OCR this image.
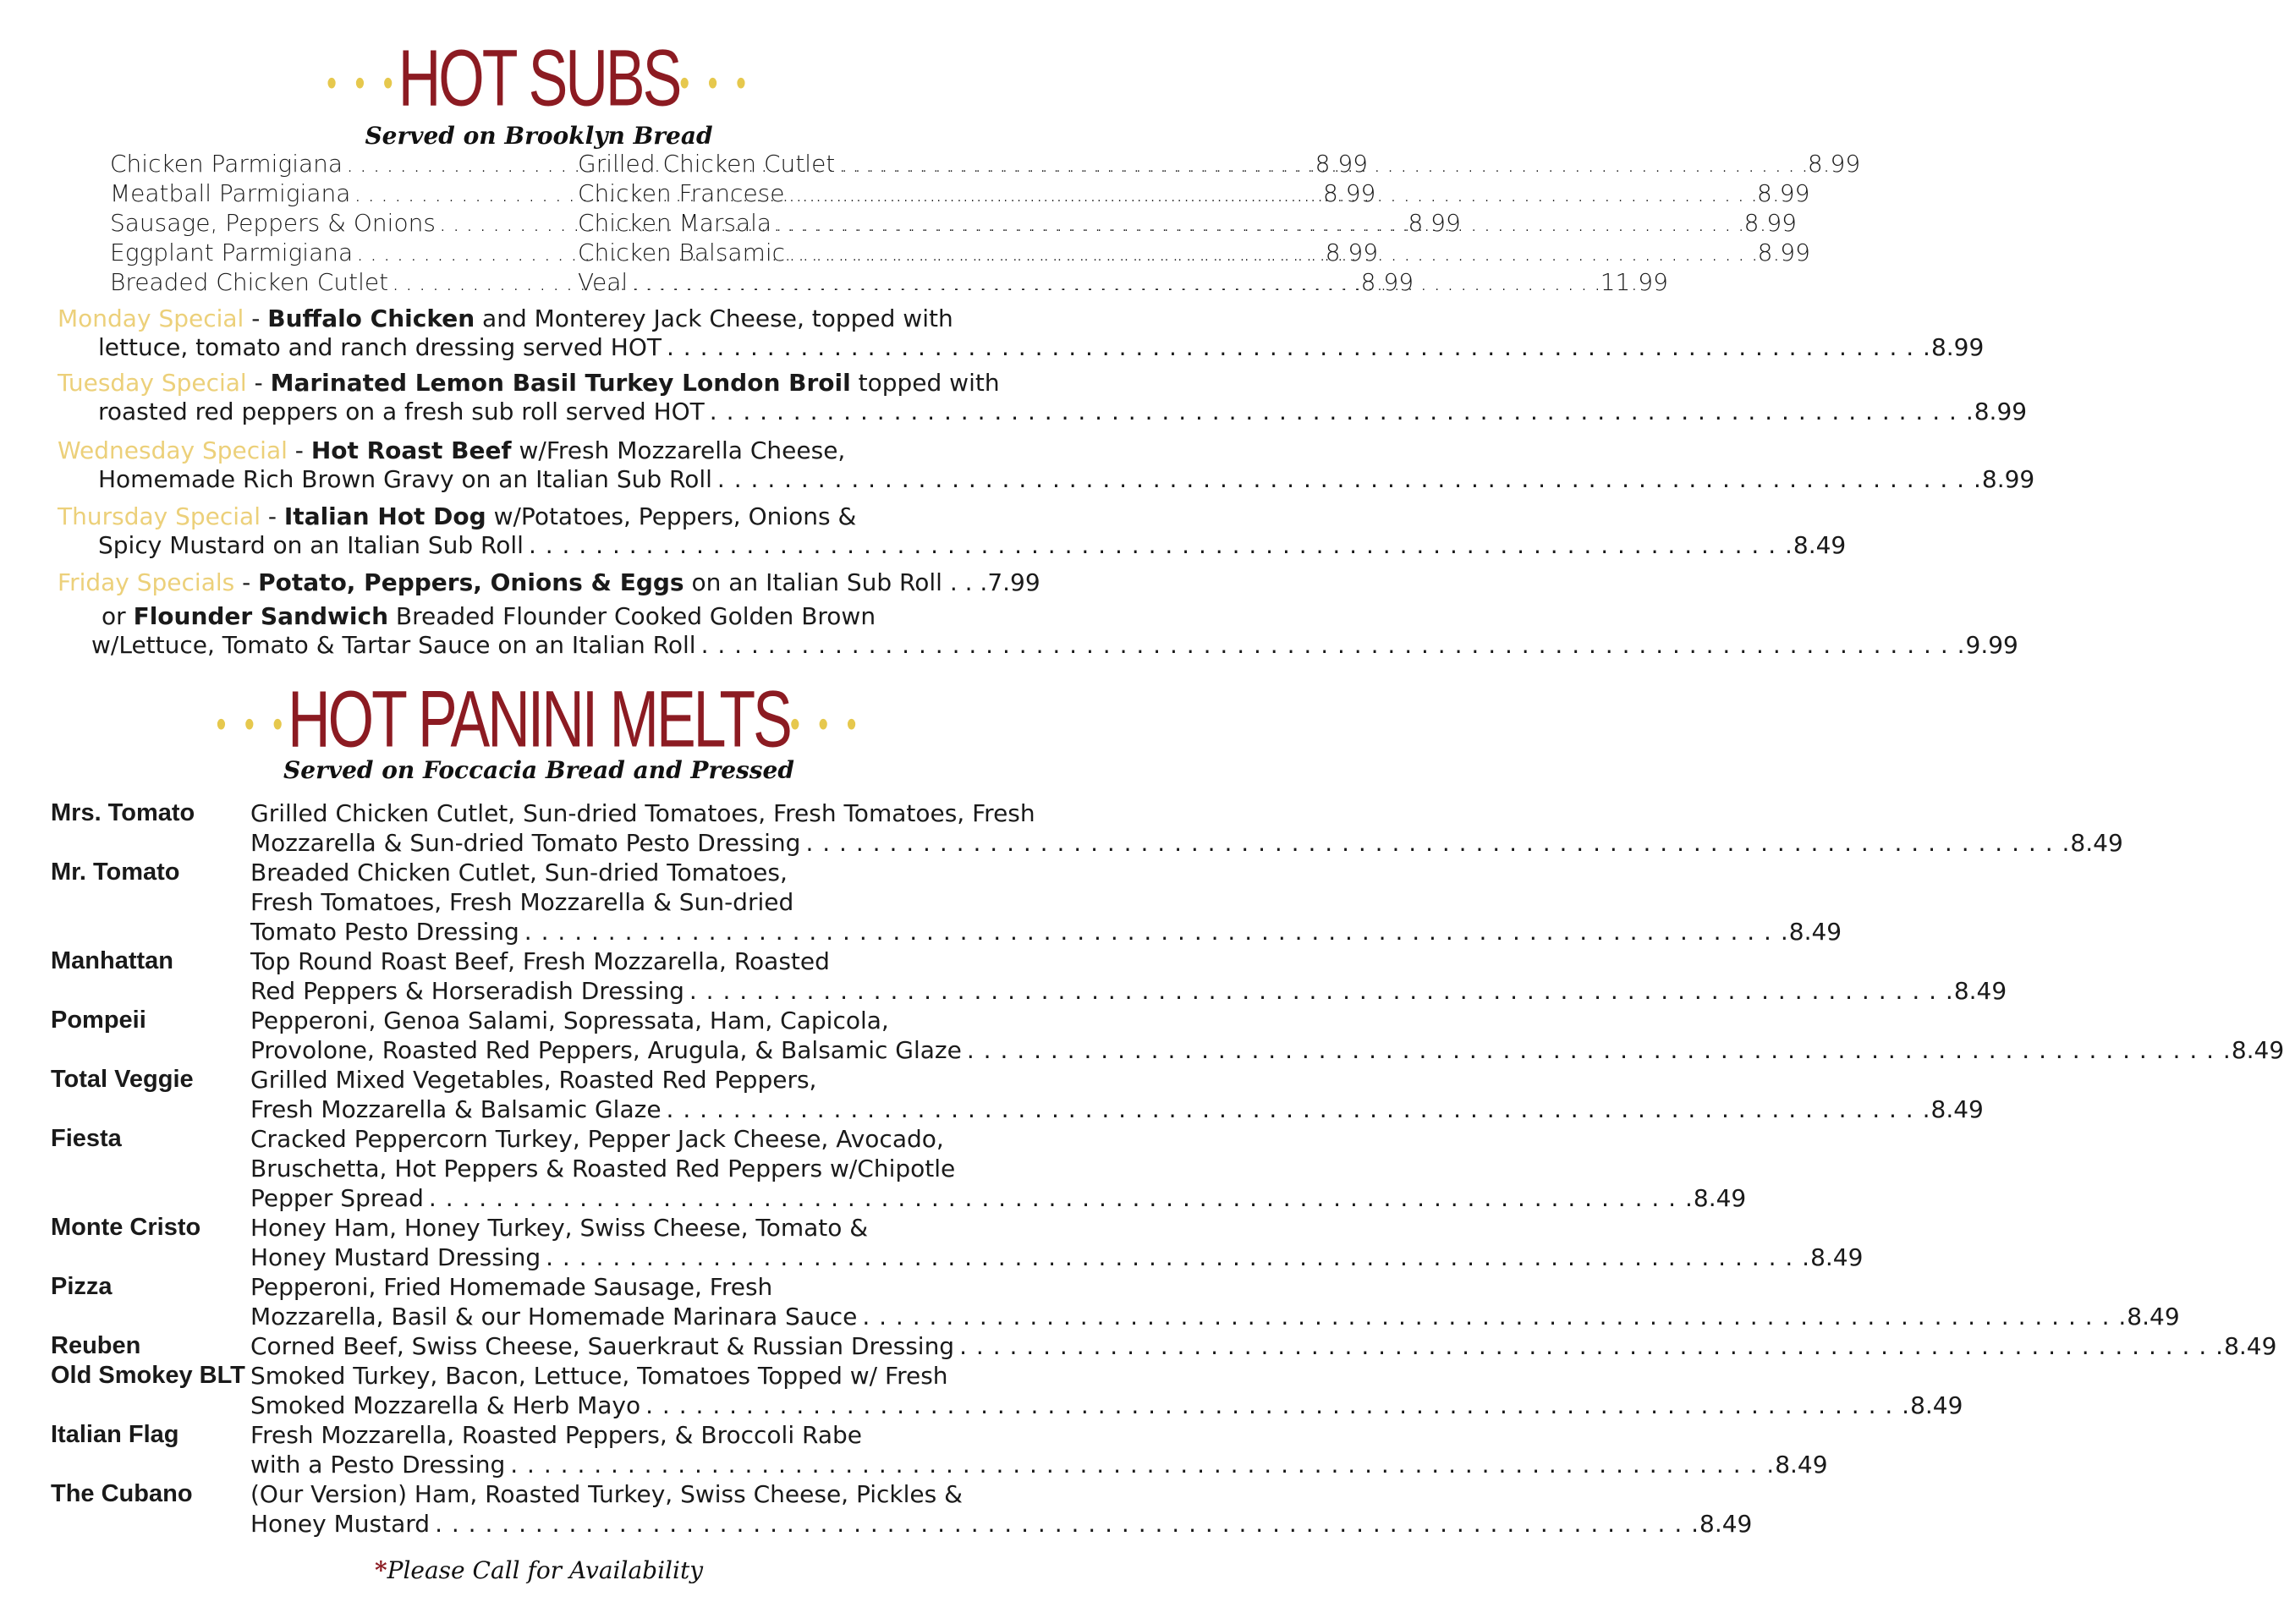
• • •HOT SUBS• • •
Served on Brooklyn Bread
Chicken Parmigiana . . .	8.99
Meatball Parmigiana . . .	8.99
Sausage, Peppers & Onions . . .	8.99
Eggplant Parmigiana . . .	8.99
Breaded Chicken Cutlet . . .	8.99
Grilled Chicken Cutlet . . .	8.99
Chicken Francese . . .	8.99
Chicken Marsala . . .	8.99
Chicken Balsamic . . .	8.99
Veal . . .	11.99
Monday Special - Buffalo Chicken and Monterey Jack Cheese, topped with
lettuce, tomato and ranch dressing served HOT . . .	8.99
Tuesday Special - Marinated Lemon Basil Turkey London Broil topped with
roasted red peppers on a fresh sub roll served HOT . . .	8.99
Wednesday Special - Hot Roast Beef w/Fresh Mozzarella Cheese,
Homemade Rich Brown Gravy on an Italian Sub Roll . . .	8.99
Thursday Special - Italian Hot Dog w/Potatoes, Peppers, Onions &
Spicy Mustard on an Italian Sub Roll . . .	8.49
Friday Specials - Potato, Peppers, Onions & Eggs on an Italian Sub Roll . . .7.99
or Flounder Sandwich Breaded Flounder Cooked Golden Brown
w/Lettuce, Tomato & Tartar Sauce on an Italian Roll . . .	9.99
• • •HOT PANINI MELTS• • •
Served on Foccacia Bread and Pressed
Mrs. Tomato	Grilled Chicken Cutlet, Sun-dried Tomatoes, Fresh Tomatoes, Fresh
Mozzarella & Sun-dried Tomato Pesto Dressing . . .	8.49
Mr. Tomato	Breaded Chicken Cutlet, Sun-dried Tomatoes,
Fresh Tomatoes, Fresh Mozzarella & Sun-dried
Tomato Pesto Dressing . . .	8.49
Manhattan	Top Round Roast Beef, Fresh Mozzarella, Roasted
Red Peppers & Horseradish Dressing . . .	8.49
Pompeii	Pepperoni, Genoa Salami, Sopressata, Ham, Capicola,
Provolone, Roasted Red Peppers, Arugula, & Balsamic Glaze . . .	8.49
Total Veggie	Grilled Mixed Vegetables, Roasted Red Peppers,
Fresh Mozzarella & Balsamic Glaze . . .	8.49
Fiesta	Cracked Peppercorn Turkey, Pepper Jack Cheese, Avocado,
Bruschetta, Hot Peppers & Roasted Red Peppers w/Chipotle
Pepper Spread . . .	8.49
Monte Cristo	Honey Ham, Honey Turkey, Swiss Cheese, Tomato &
Honey Mustard Dressing . . .	8.49
Pizza	Pepperoni, Fried Homemade Sausage, Fresh
Mozzarella, Basil & our Homemade Marinara Sauce . . .	8.49
Reuben	Corned Beef, Swiss Cheese, Sauerkraut & Russian Dressing . . .	8.49
Old Smokey BLT Smoked Turkey, Bacon, Lettuce, Tomatoes Topped w/ Fresh
Smoked Mozzarella & Herb Mayo . . .	8.49
Italian Flag	Fresh Mozzarella, Roasted Peppers, & Broccoli Rabe
with a Pesto Dressing . . .	8.49
The Cubano	(Our Version) Ham, Roasted Turkey, Swiss Cheese, Pickles &
Honey Mustard . . .	8.49
*Please Call for Availability
